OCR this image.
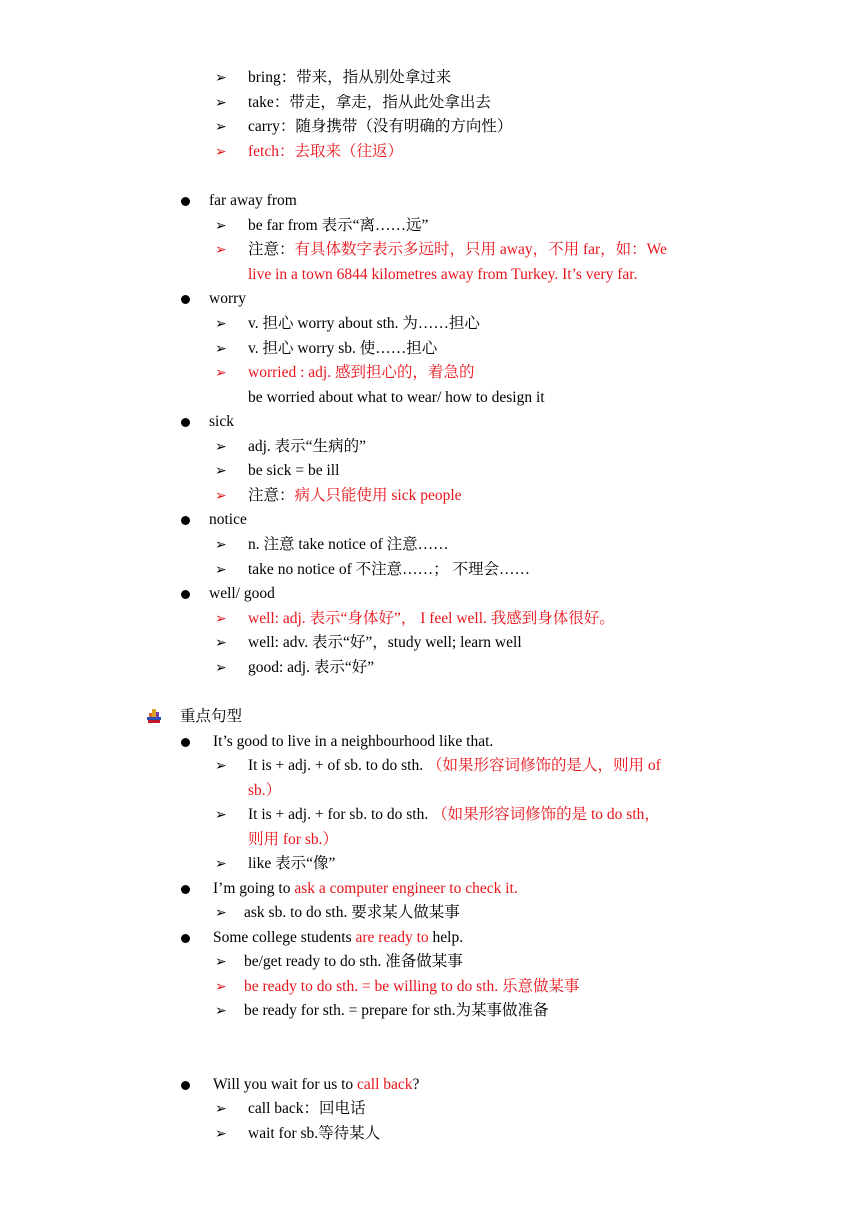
➢ bring：带来，指从别处拿过来
➢ take：带走，拿走，指从此处拿出去
➢ carry：随身携带（没有明确的方向性）
➢ fetch：去取来（往返）
far away from
➢ be far from 表示“离……远”
➢ 注意：有具体数字表示多远时，只用 away，不用 far，如：We
live in a town 6844 kilometres away from Turkey. It’s very far.
worry
➢ v. 担心 worry about sth. 为……担心
➢ v. 担心 worry sb. 使……担心
➢ worried : adj. 感到担心的，着急的
be worried about what to wear/ how to design it
sick
➢ adj. 表示“生病的”
➢ be sick = be ill
➢ 注意：病人只能使用 sick people
notice
➢ n. 注意 take notice of 注意……
➢ take no notice of 不注意……； 不理会……
well/ good
➢ well: adj. 表示“身体好”， I feel well. 我感到身体很好。
➢ well: adv. 表示“好”，study well; learn well
➢ good: adj. 表示“好”
重点句型
It’s good to live in a neighbourhood like that.
➢ It is + adj. + of sb. to do sth. （如果形容词修饰的是人，则用 of
sb.）
➢ It is + adj. + for sb. to do sth. （如果形容词修饰的是 to do sth，
则用 for sb.）
➢ like 表示“像”
I’m going to ask a computer engineer to check it.
➢ ask sb. to do sth. 要求某人做某事
Some college students are ready to help.
➢ be/get ready to do sth. 准备做某事
➢ be ready to do sth. = be willing to do sth. 乐意做某事
➢ be ready for sth. = prepare for sth.为某事做准备
Will you wait for us to call back?
➢ call back：回电话
➢ wait for sb.等待某人
